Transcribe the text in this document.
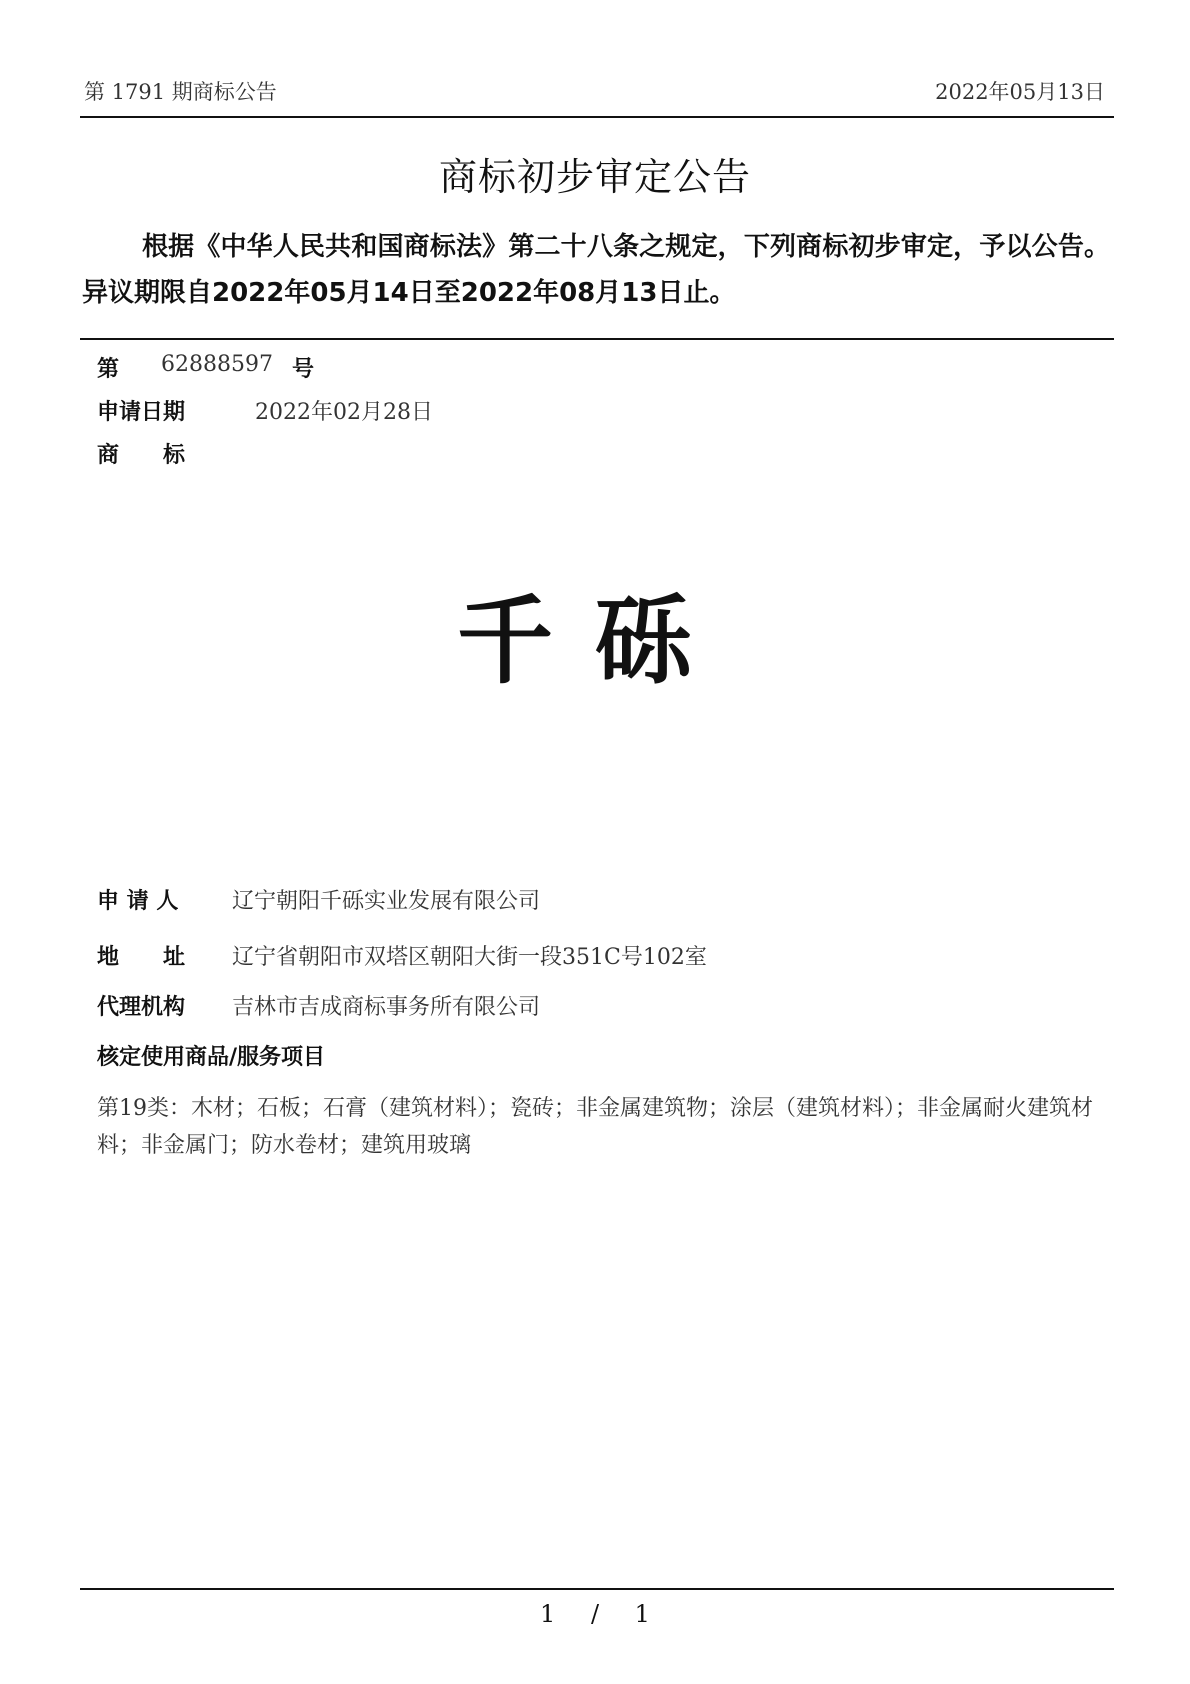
第 1791 期商标公告	2022年05月13日
商标初步审定公告
根据《中华人民共和国商标法》第二十八条之规定，下列商标初步审定，予以公告。异议期限自2022年05月14日至2022年08月13日止。
第 62888597 号
申请日期	2022年02月28日
商　　标
千砾
申 请 人 辽宁朝阳千砾实业发展有限公司
地　　址 辽宁省朝阳市双塔区朝阳大街一段351C号102室
代理机构 吉林市吉成商标事务所有限公司
核定使用商品/服务项目
第19类：木材；石板；石膏（建筑材料）；瓷砖；非金属建筑物；涂层（建筑材料）；非金属耐火建筑材料；非金属门；防水卷材；建筑用玻璃
1 / 1
